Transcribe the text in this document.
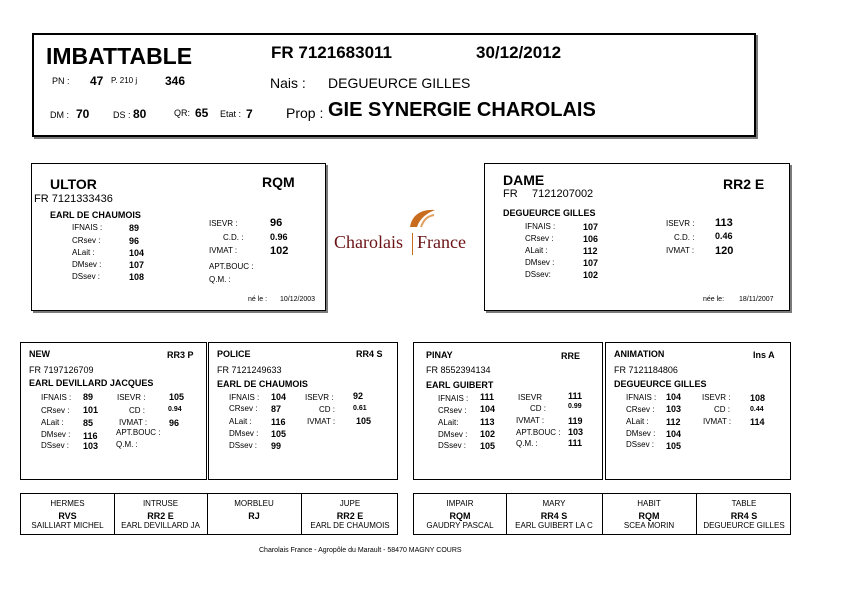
IMBATTABLE	FR 7121683011	30/12/2012
PN : 47 P. 210 j 346	Nais : DEGUEURCE GILLES
DM : 70	DS : 80	QR: 65 Etat : 7 Prop : GIE SYNERGIE CHAROLAIS
ULTOR	RQM
FR 7121333436
EARL DE CHAUMOIS
IFNAIS :	89
CRsev :	96
ALait :	104
DMsev :	107
DSsev :	108
ISEVR :	96
C.D. :	0.96
IVMAT :	102
APT.BOUC :
Q.M. :
né le : 10/12/2003
Charolais France
DAME	RR2 E
FR 7121207002
DEGUEURCE GILLES
IFNAIS :	107
CRsev :	106
ALait :	112
DMsev :	107
DSsev:	102
ISEVR : 113
C.D. : 0.46
IVMAT : 120
née le: 18/11/2007
NEW	RR3 P
FR 7197126709
EARL DEVILLARD JACQUES
IFNAIS : 89
CRsev : 101
ALait : 85
DMsev : 116
DSsev : 103
ISEVR :	105
CD :	0.94
IVMAT : 96
APT.BOUC :
Q.M. :
POLICE	RR4 S
FR 7121249633
EARL DE CHAUMOIS
IFNAIS : 104
CRsev : 87
ALait : 116
DMsev : 105
DSsev : 99
ISEVR : 92
CD :	0.61
IVMAT : 105
PINAY	RRE
FR 8552394134
EARL GUIBERT
IFNAIS : 111
CRsev : 104
ALait: 113
DMsev : 102
DSsev : 105
ISEVR	111
CD :	0.99
IVMAT :	119
APT.BOUC : 103
Q.M. :	111
ANIMATION	Ins A
FR 7121184806
DEGUEURCE GILLES
IFNAIS : 104
CRsev : 103
ALait : 112
DMsev : 104
DSsev : 105
ISEVR : 108
CD :	0.44
IVMAT : 114
HERMES
RVS
SAILLIART MICHEL
INTRUSE
RR2 E
EARL DEVILLARD JA
MORBLEU
RJ
JUPE
RR2 E
EARL DE CHAUMOIS
IMPAIR
RQM
GAUDRY PASCAL
MARY
RR4 S
EARL GUIBERT LA C
HABIT
RQM
SCEA MORIN
TABLE
RR4 S
DEGUEURCE GILLES
Charolais France - Agropôle du Marault - 58470 MAGNY COURS
